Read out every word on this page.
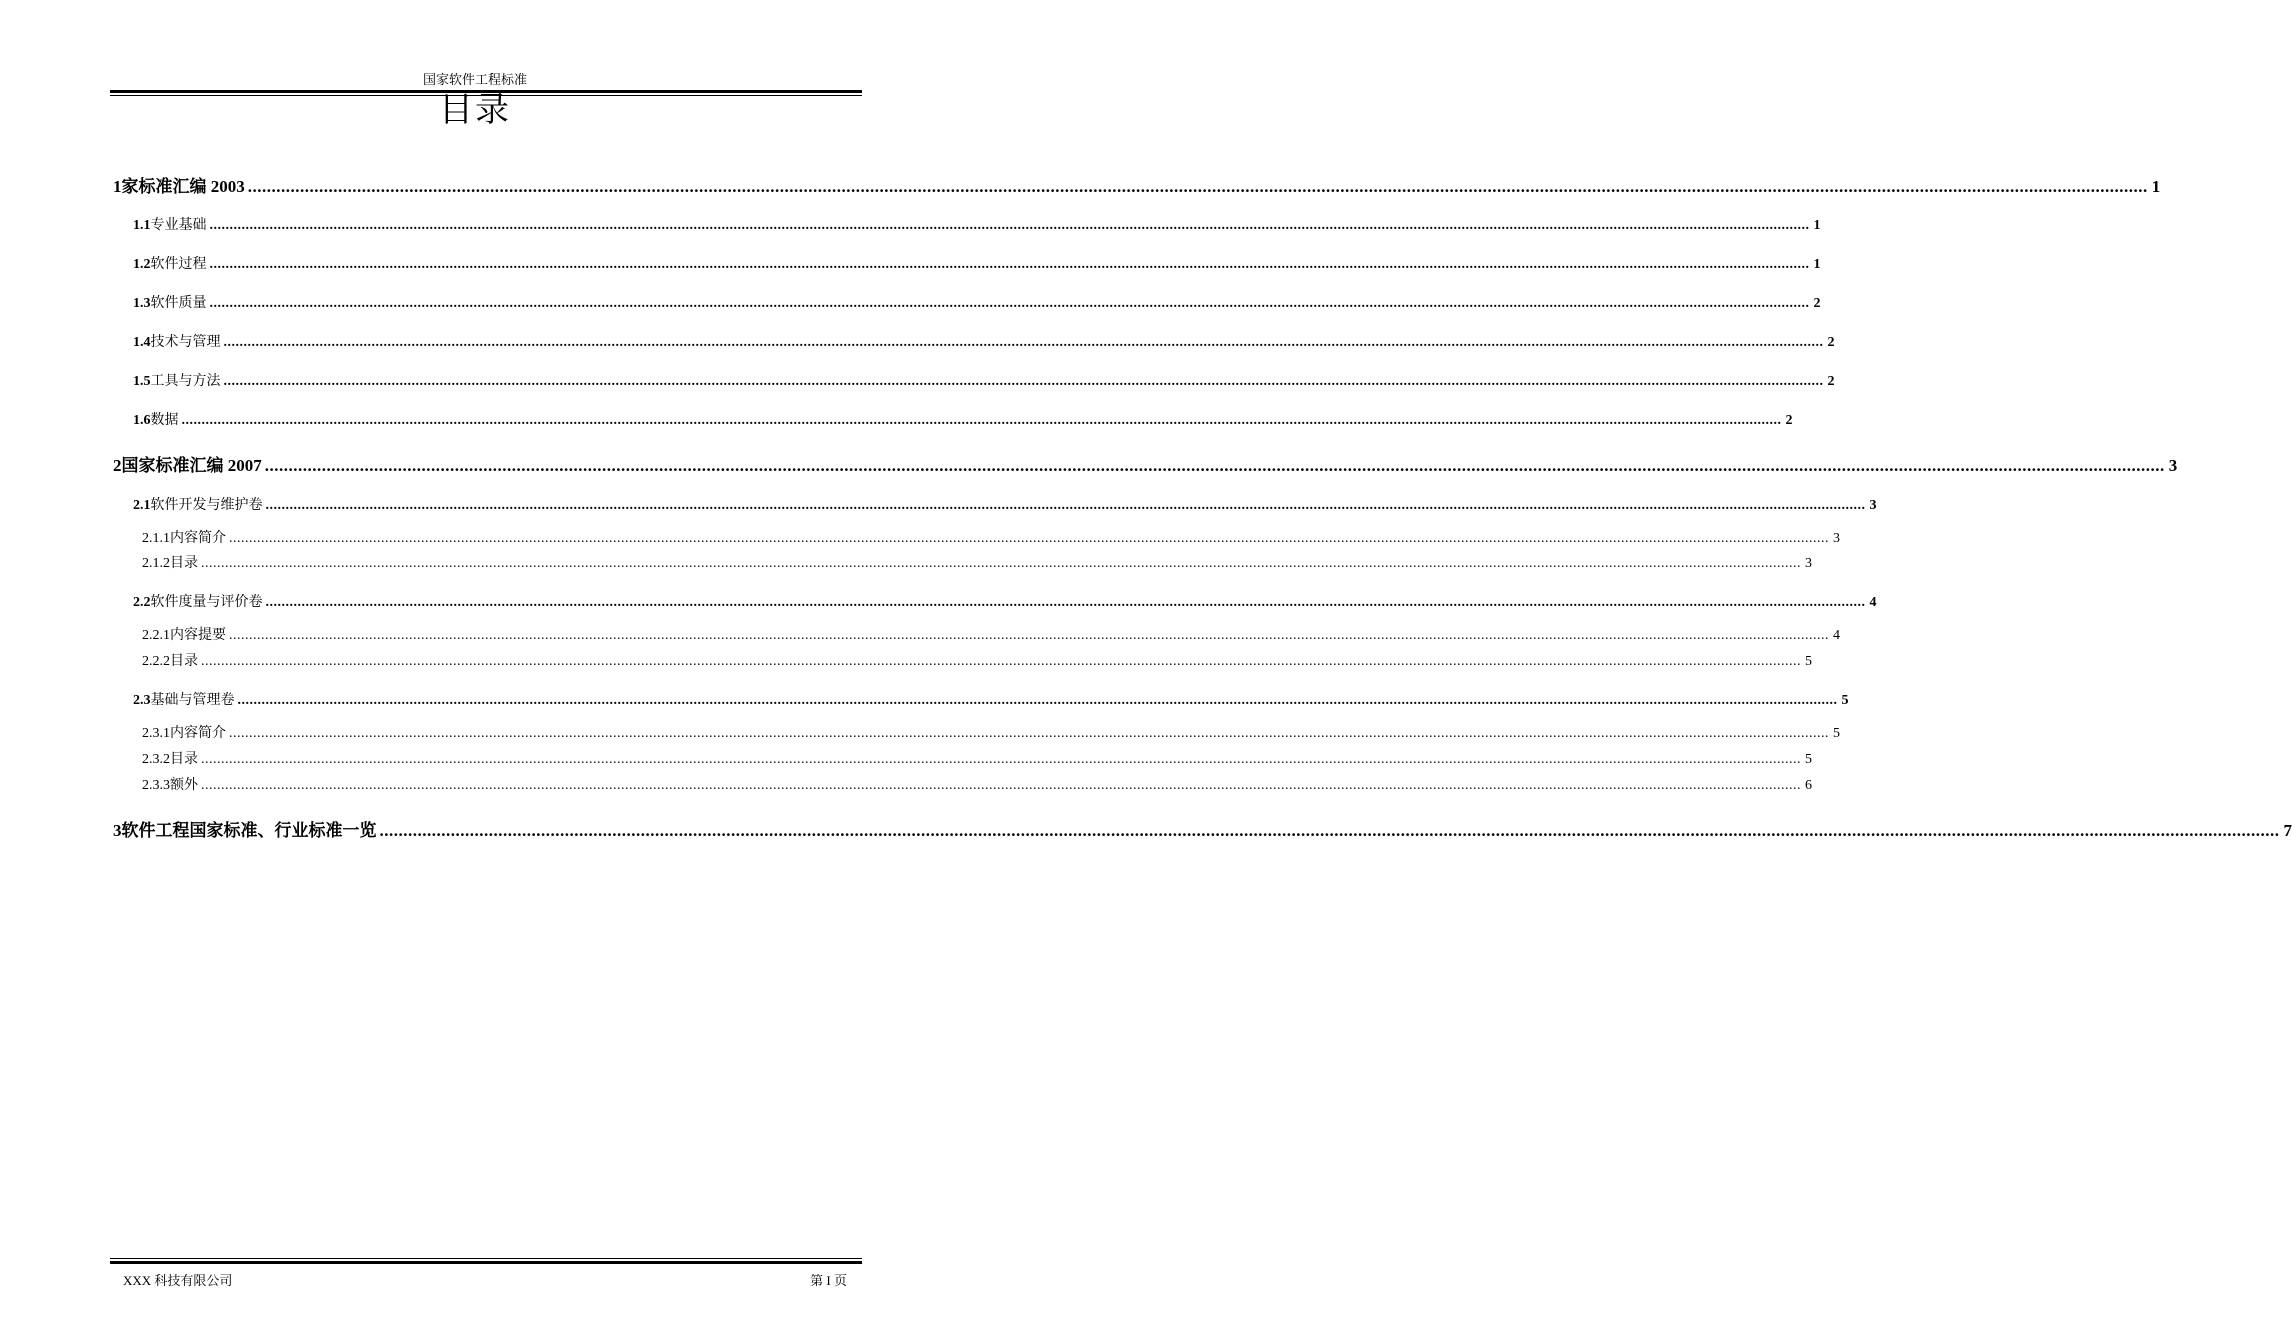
国家软件工程标准
目录
1 家标准汇编 2003 ................................................................................................................................................................................................................................................................................................................................................................................................................ 1
1.1 专业基础 ................................................................................................................................................................................................................................................................................................................................................................................................................ 1
1.2 软件过程 ................................................................................................................................................................................................................................................................................................................................................................................................................ 1
1.3 软件质量 ................................................................................................................................................................................................................................................................................................................................................................................................................ 2
1.4 技术与管理 ................................................................................................................................................................................................................................................................................................................................................................................................................ 2
1.5 工具与方法 ................................................................................................................................................................................................................................................................................................................................................................................................................ 2
1.6 数据 ................................................................................................................................................................................................................................................................................................................................................................................................................ 2
2 国家标准汇编 2007 ................................................................................................................................................................................................................................................................................................................................................................................................................ 3
2.1 软件开发与维护卷 ................................................................................................................................................................................................................................................................................................................................................................................................................ 3
2.1.1 内容简介 ................................................................................................................................................................................................................................................................................................................................................................................................................ 3
2.1.2 目录 ................................................................................................................................................................................................................................................................................................................................................................................................................ 3
2.2 软件度量与评价卷 ................................................................................................................................................................................................................................................................................................................................................................................................................ 4
2.2.1 内容提要 ................................................................................................................................................................................................................................................................................................................................................................................................................ 4
2.2.2 目录 ................................................................................................................................................................................................................................................................................................................................................................................................................ 5
2.3 基础与管理卷 ................................................................................................................................................................................................................................................................................................................................................................................................................ 5
2.3.1 内容简介 ................................................................................................................................................................................................................................................................................................................................................................................................................ 5
2.3.2 目录 ................................................................................................................................................................................................................................................................................................................................................................................................................ 5
2.3.3 额外 ................................................................................................................................................................................................................................................................................................................................................................................................................ 6
3 软件工程国家标准、行业标准一览 ................................................................................................................................................................................................................................................................................................................................................................................................................ 7
XXX 科技有限公司	第 I 页
